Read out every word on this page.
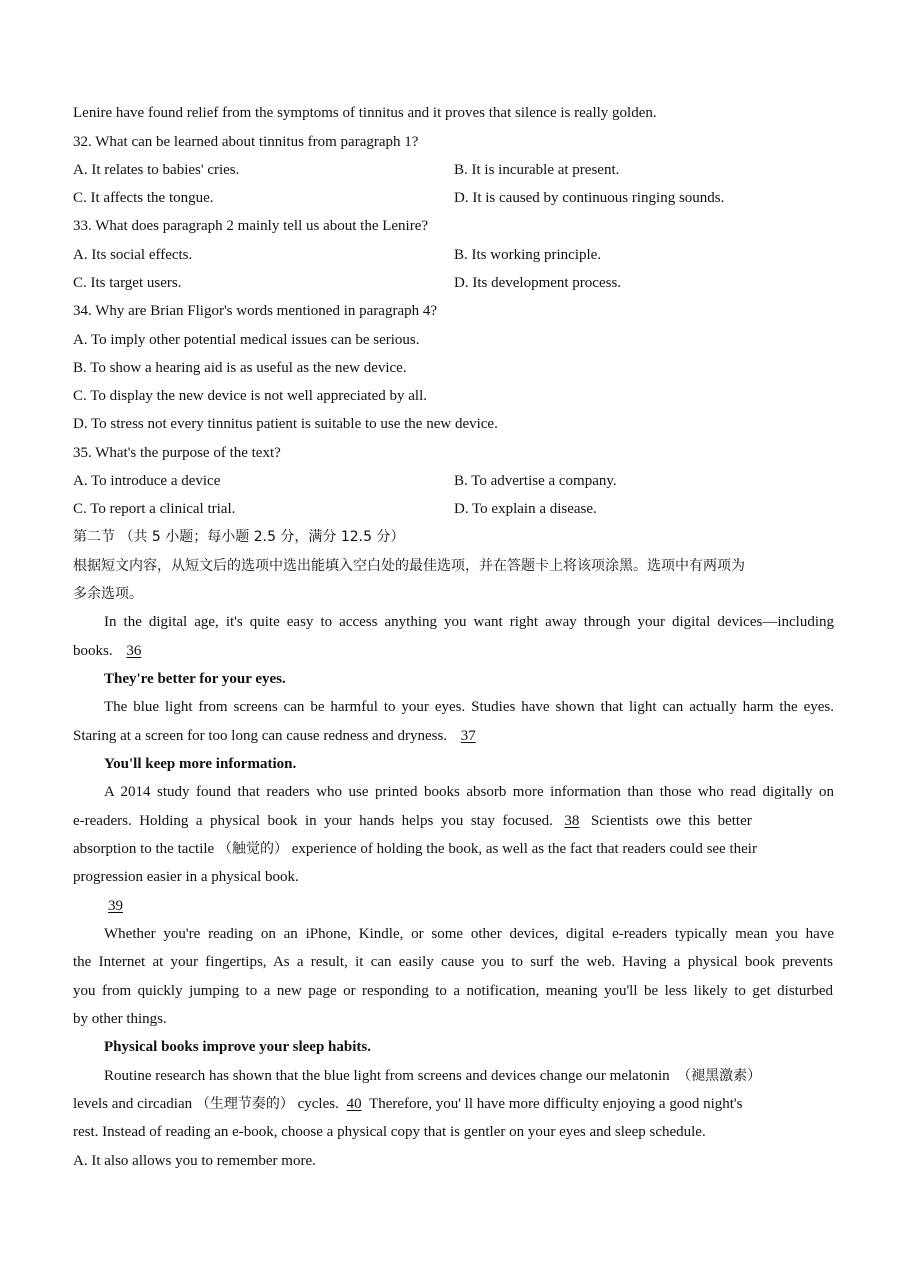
Lenire have found relief from the symptoms of tinnitus and it proves that silence is really golden.
32. What can be learned about tinnitus from paragraph 1?
A. It relates to babies' cries.	B. It is incurable at present.
C. It affects the tongue.	D. It is caused by continuous ringing sounds.
33. What does paragraph 2 mainly tell us about the Lenire?
A. Its social effects.	B. Its working principle.
C. Its target users.	D. Its development process.
34. Why are Brian Fligor's words mentioned in paragraph 4?
A. To imply other potential medical issues can be serious.
B. To show a hearing aid is as useful as the new device.
C. To display the new device is not well appreciated by all.
D. To stress not every tinnitus patient is suitable to use the new device.
35. What's the purpose of the text?
A. To introduce a device	B. To advertise a company.
C. To report a clinical trial.	D. To explain a disease.
第二节 （共 5 小题；每小题 2.5 分，满分 12.5 分）
根据短文内容，从短文后的选项中选出能填入空白处的最佳选项，并在答题卡上将该项涂黑。选项中有两项为
多余选项。
In the digital age, it's quite easy to access anything you want right away through your digital devices—including
books. 36
They're better for your eyes.
The blue light from screens can be harmful to your eyes. Studies have shown that light can actually harm the eyes.
Staring at a screen for too long can cause redness and dryness. 37
You'll keep more information.
A 2014 study found that readers who use printed books absorb more information than those who read digitally on
e-readers.  Holding  a  physical  book  in  your  hands  helps  you  stay  focused. 38 Scientists  owe  this  better
absorption to the tactile （触觉的） experience of holding the book, as well as the fact that readers could see their
progression easier in a physical book.
39
Whether you're reading on an iPhone, Kindle, or some other devices, digital e-readers typically mean you have
the Internet at your fingertips, As a result, it can easily cause you to surf the web. Having a physical book prevents
you from quickly jumping to a new page or responding to a notification, meaning you'll be less likely to get disturbed
by other things.
Physical books improve your sleep habits.
Routine research has shown that the blue light from screens and devices change our melatonin （褪黑激素）
levels and circadian （生理节奏的） cycles. 40 Therefore, you' ll have more difficulty enjoying a good night's
rest. Instead of reading an e-book, choose a physical copy that is gentler on your eyes and sleep schedule.
A. It also allows you to remember more.
